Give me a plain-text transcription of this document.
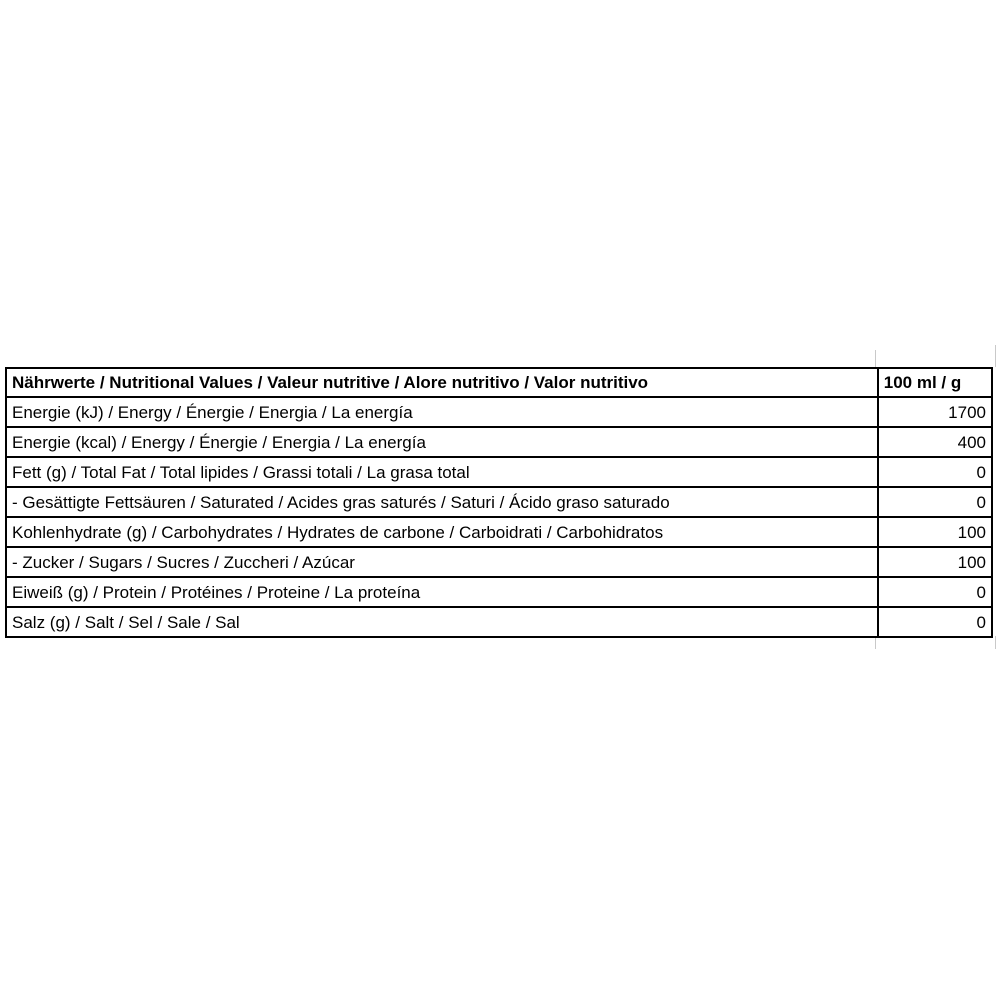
Nährwerte / Nutritional Values / Valeur nutritive / Alore nutritivo / Valor nutritivo	100 ml / g
Energie (kJ) / Energy / Énergie / Energia / La energía	1700
Energie (kcal) / Energy / Énergie / Energia / La energía	400
Fett (g) / Total Fat / Total lipides / Grassi totali / La grasa total	0
- Gesättigte Fettsäuren / Saturated / Acides gras saturés / Saturi / Ácido graso saturado	0
Kohlenhydrate (g) / Carbohydrates / Hydrates de carbone / Carboidrati / Carbohidratos	100
- Zucker / Sugars / Sucres / Zuccheri / Azúcar	100
Eiweiß (g) / Protein / Protéines / Proteine / La proteína	0
Salz (g) / Salt / Sel / Sale / Sal	0
